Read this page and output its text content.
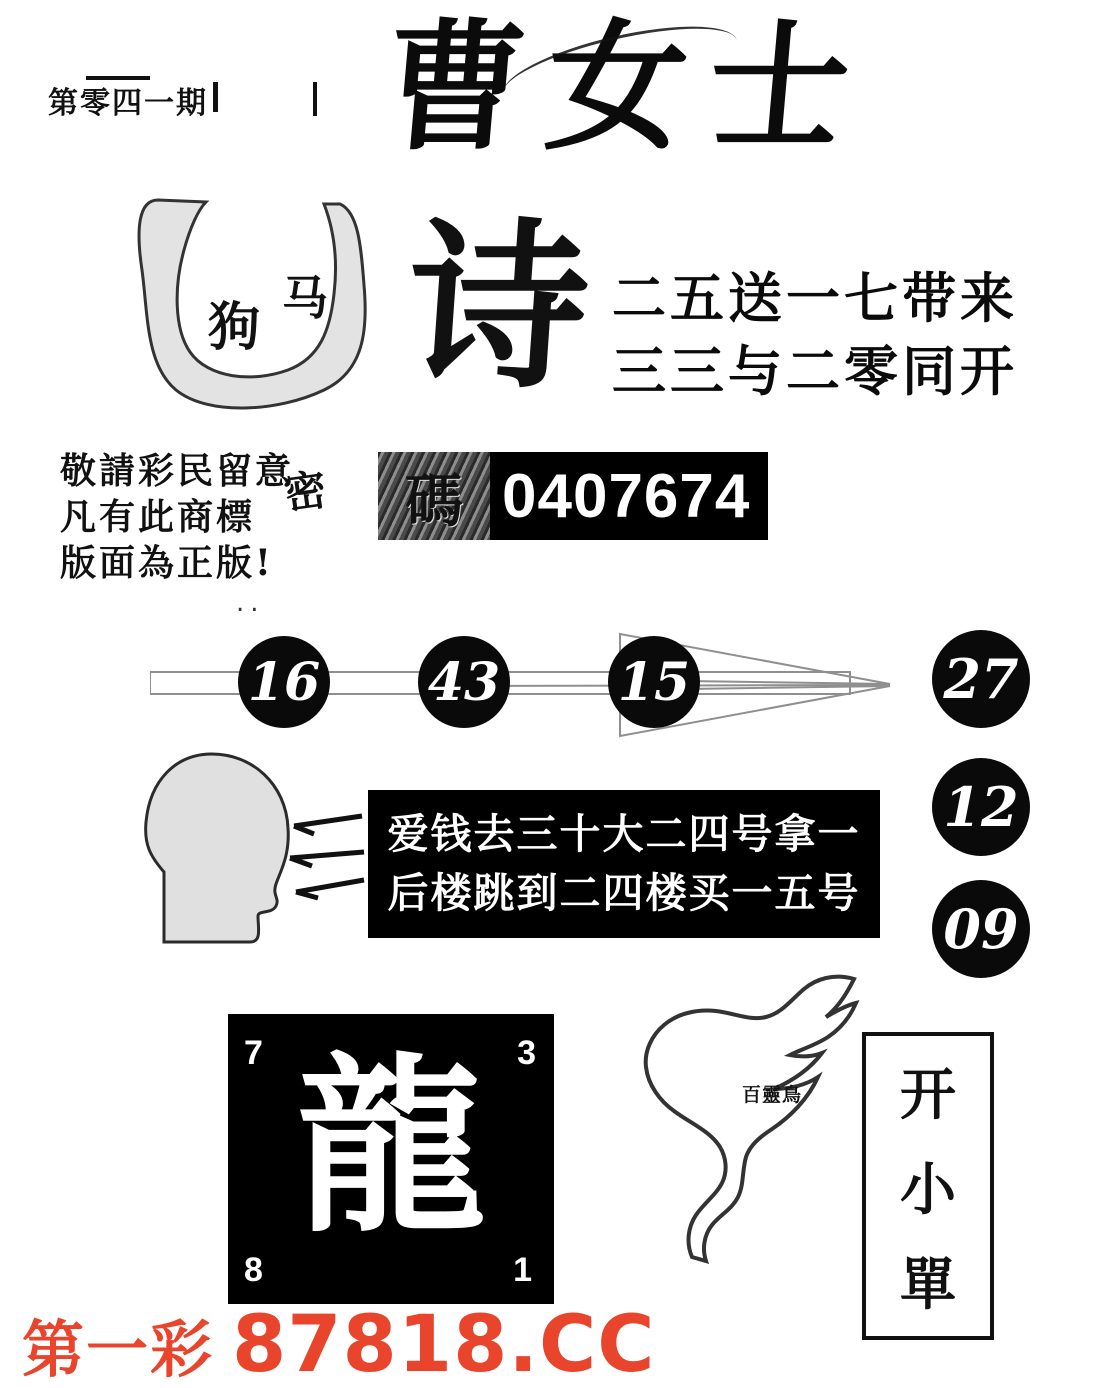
第零四一期 曹女士
狗 马 诗 二五送一七带来
三三与二零同开
敬請彩民留意
凡有此商標
版面為正版!
密
..
碼 0407674
16 43 15	27
12
09
爱钱去三十大二四号拿一
后楼跳到二四楼买一五号
7	3
龍
8	1
百靈鳥 开
小
單
第一彩 87818.CC
